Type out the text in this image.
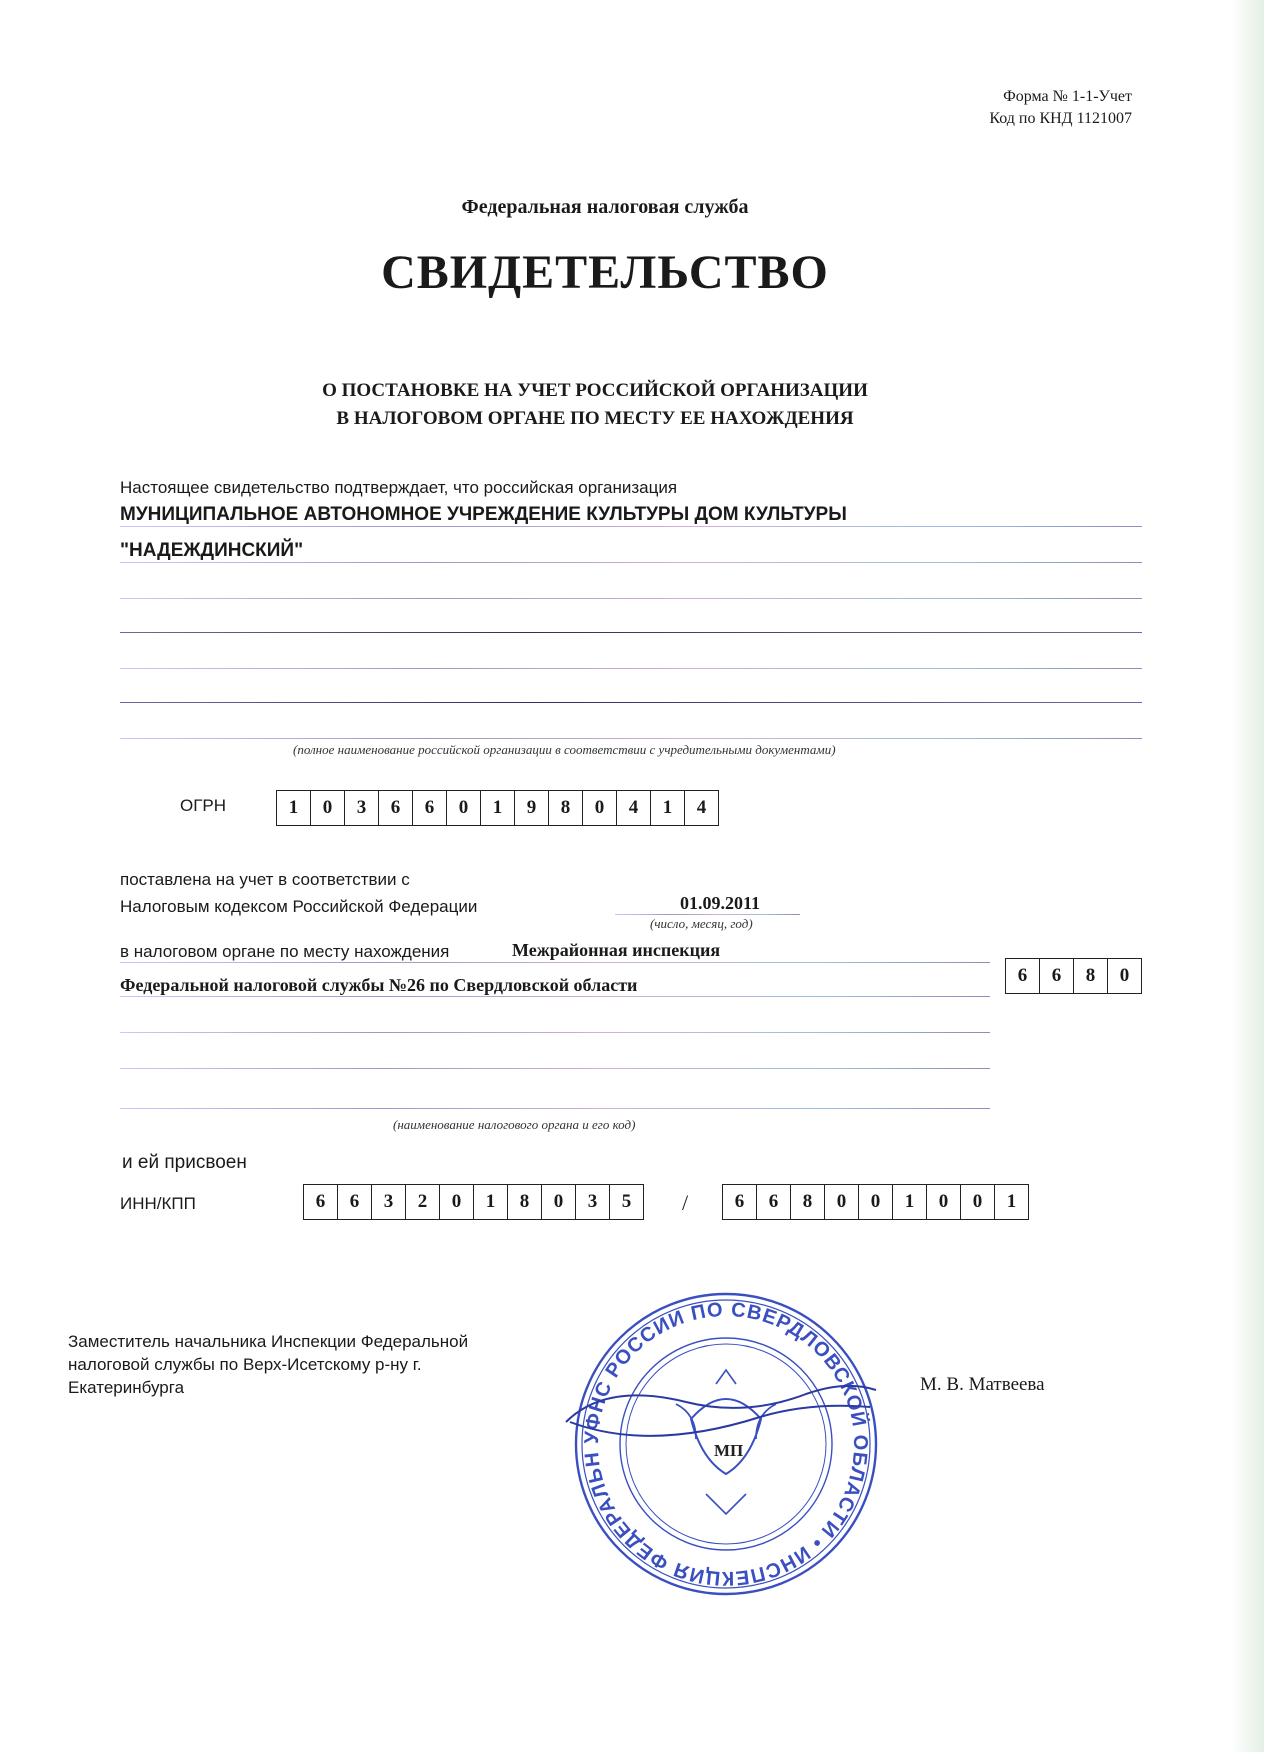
Форма № 1-1-Учет
Код по КНД 1121007
Федеральная налоговая служба
СВИДЕТЕЛЬСТВО
О ПОСТАНОВКЕ НА УЧЕТ РОССИЙСКОЙ ОРГАНИЗАЦИИ
В НАЛОГОВОМ ОРГАНЕ ПО МЕСТУ ЕЕ НАХОЖДЕНИЯ
Настоящее свидетельство подтверждает, что российская организация
МУНИЦИПАЛЬНОЕ АВТОНОМНОЕ УЧРЕЖДЕНИЕ КУЛЬТУРЫ ДОМ КУЛЬТУРЫ
"НАДЕЖДИНСКИЙ"
(полное наименование российской организации в соответствии с учредительными документами)
ОГРН	1	0	3	6	6	0	1	9	8	0	4	1	4
поставлена на учет в соответствии с
Налоговым кодексом Российской Федерации	01.09.2011
(число, месяц, год)
в налоговом органе по месту нахождения	Межрайонная инспекция
Федеральной налоговой службы №26 по Свердловской области	6	6	8	0
(наименование налогового органа и его код)
и ей присвоен
ИНН/КПП	6	6	3	2	0	1	8	0	3	5	/	6	6	8	0	0	1	0	0	1
Заместитель начальника Инспекции Федеральной
налоговой службы по Верх-Исетскому р-ну г.
Екатеринбурга	М. В. Матвеева
УФНС РОССИИ ПО СВЕРДЛОВСКОЙ ОБЛАСТИ • ИНСПЕКЦИЯ ФЕДЕРАЛЬНОЙ НАЛОГОВОЙ СЛУЖБЫ ПО ВЕРХ-ИСЕТСКОМУ РАЙОНУ Г. ЕКАТЕРИНБУРГА
МП
